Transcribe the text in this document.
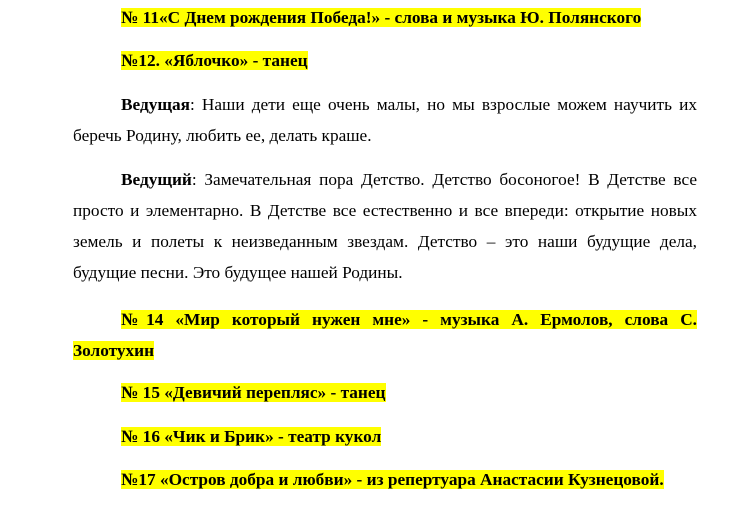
№ 11«С Днем рождения Победа!» - слова и музыка Ю. Полянского

№12. «Яблочко» - танец

Ведущая: Наши дети еще очень малы, но мы взрослые можем научить их беречь Родину, любить ее, делать краше.

Ведущий: Замечательная пора Детство. Детство босоногое! В Детстве все просто и элементарно. В Детстве все естественно и все впереди: открытие новых земель и полеты к неизведанным звездам. Детство – это наши будущие дела, будущие песни. Это будущее нашей Родины.

№14 «Мир который нужен мне» - музыка А. Ермолов, слова С. Золотухин

№ 15 «Девичий перепляс» - танец

№ 16 «Чик и Брик» - театр кукол

№17 «Остров добра и любви» - из репертуара Анастасии Кузнецовой.
